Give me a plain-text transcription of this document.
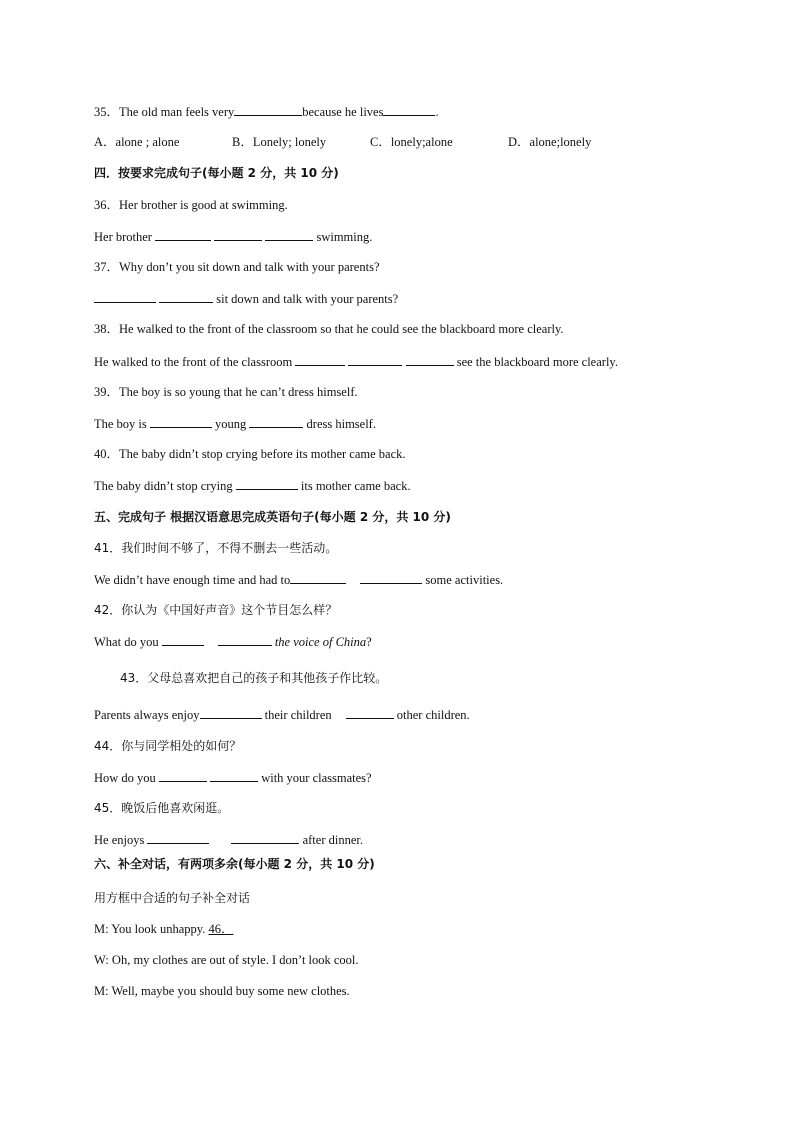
35．The old man feels very	because he lives	.
A．alone ; alone	B．Lonely; lonely	C．lonely;alone	D．alone;lonely
四．按要求完成句子(每小题 2 分，共 10 分)
36．Her brother is good at swimming.
Her brother	swimming.
37．Why don’t you sit down and talk with your parents?
sit down and talk with your parents?
38．He walked to the front of the classroom so that he could see the blackboard more clearly.
He walked to the front of the classroom	see the blackboard more clearly.
39．The boy is so young that he can’t dress himself.
The boy is	young	dress himself.
40．The baby didn’t stop crying before its mother came back.
The baby didn’t stop crying	its mother came back.
五、完成句子 根据汉语意思完成英语句子(每小题 2 分，共 10 分)
41．我们时间不够了，不得不删去一些活动。
We didn’t have enough time and had to	some activities.
42．你认为《中国好声音》这个节目怎么样？
What do you	the voice of China?
43．父母总喜欢把自己的孩子和其他孩子作比较。
Parents always enjoy	their children	other children.
44．你与同学相处的如何？
How do you	with your classmates?
45．晚饭后他喜欢闲逛。
He enjoys	after dinner.
六、补全对话，有两项多余(每小题 2 分，共 10 分)
用方框中合适的句子补全对话
M: You look unhappy. 46．
W: Oh, my clothes are out of style. I don’t look cool.
M: Well, maybe you should buy some new clothes.
